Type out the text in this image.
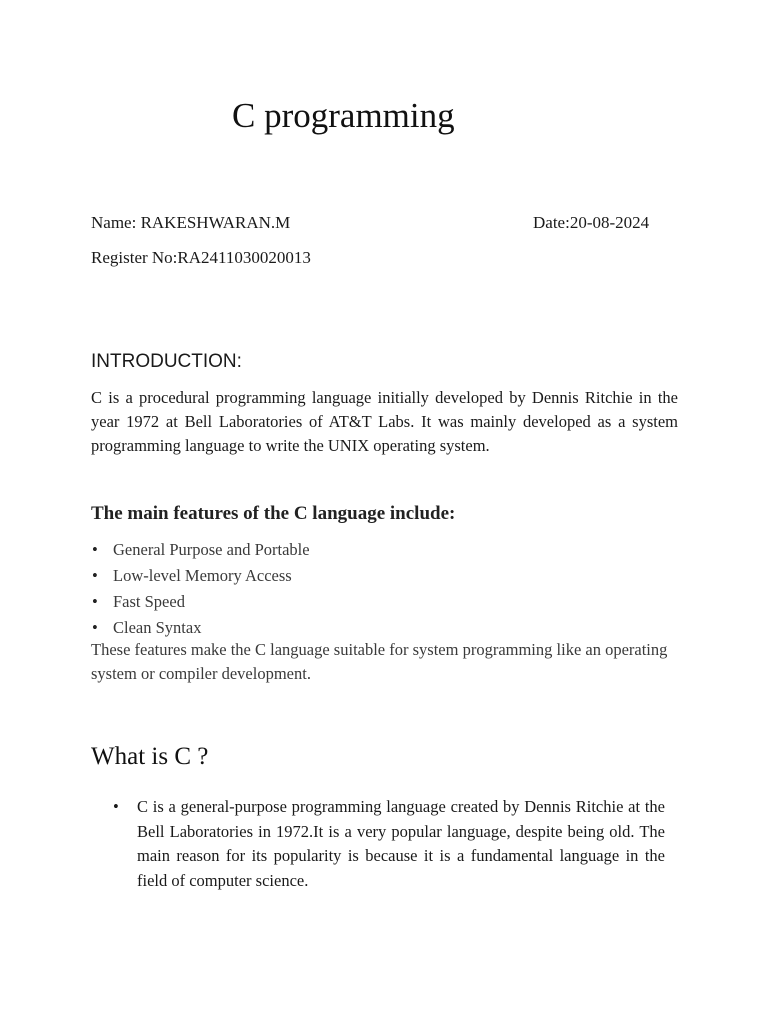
C programming
Name: RAKESHWARAN.M	Date:20-08-2024
Register No:RA2411030020013
INTRODUCTION:

C is a procedural programming language initially developed by Dennis Ritchie in the year 1972 at Bell Laboratories of AT&T Labs. It was mainly developed as a system programming language to write the UNIX operating system.

The main features of the C language include:
• General Purpose and Portable
• Low-level Memory Access
• Fast Speed
• Clean Syntax

These features make the C language suitable for system programming like an operating system or compiler development.

What is C ?
• C is a general-purpose programming language created by Dennis Ritchie at the Bell Laboratories in 1972.It is a very popular language, despite being old. The main reason for its popularity is because it is a fundamental language in the field of computer science.
